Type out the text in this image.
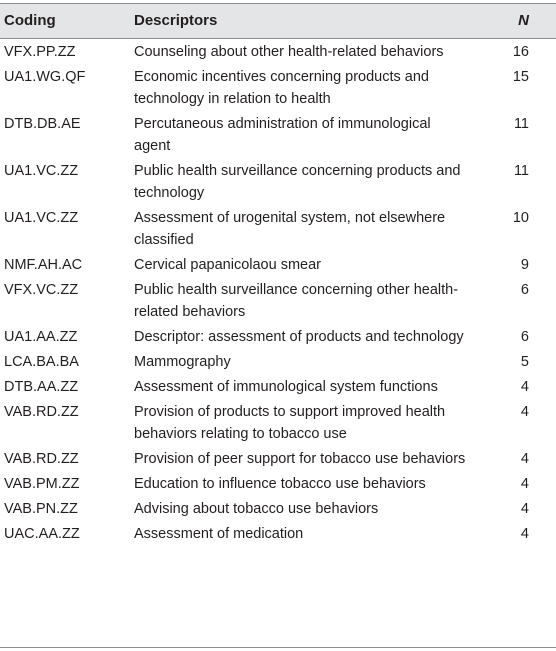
Coding	Descriptors	N
VFX.PP.ZZ	Counseling about other health-related behaviors	16
UA1.WG.QF	Economic incentives concerning products and technology in relation to health	15
DTB.DB.AE	Percutaneous administration of immunological agent	11
UA1.VC.ZZ	Public health surveillance concerning products and technology	11
UA1.VC.ZZ	Assessment of urogenital system, not elsewhere classified	10
NMF.AH.AC	Cervical papanicolaou smear	9
VFX.VC.ZZ	Public health surveillance concerning other health-related behaviors	6
UA1.AA.ZZ	Descriptor: assessment of products and technology	6
LCA.BA.BA	Mammography	5
DTB.AA.ZZ	Assessment of immunological system functions	4
VAB.RD.ZZ	Provision of products to support improved health behaviors relating to tobacco use	4
VAB.RD.ZZ	Provision of peer support for tobacco use behaviors	4
VAB.PM.ZZ	Education to influence tobacco use behaviors	4
VAB.PN.ZZ	Advising about tobacco use behaviors	4
UAC.AA.ZZ	Assessment of medication	4
